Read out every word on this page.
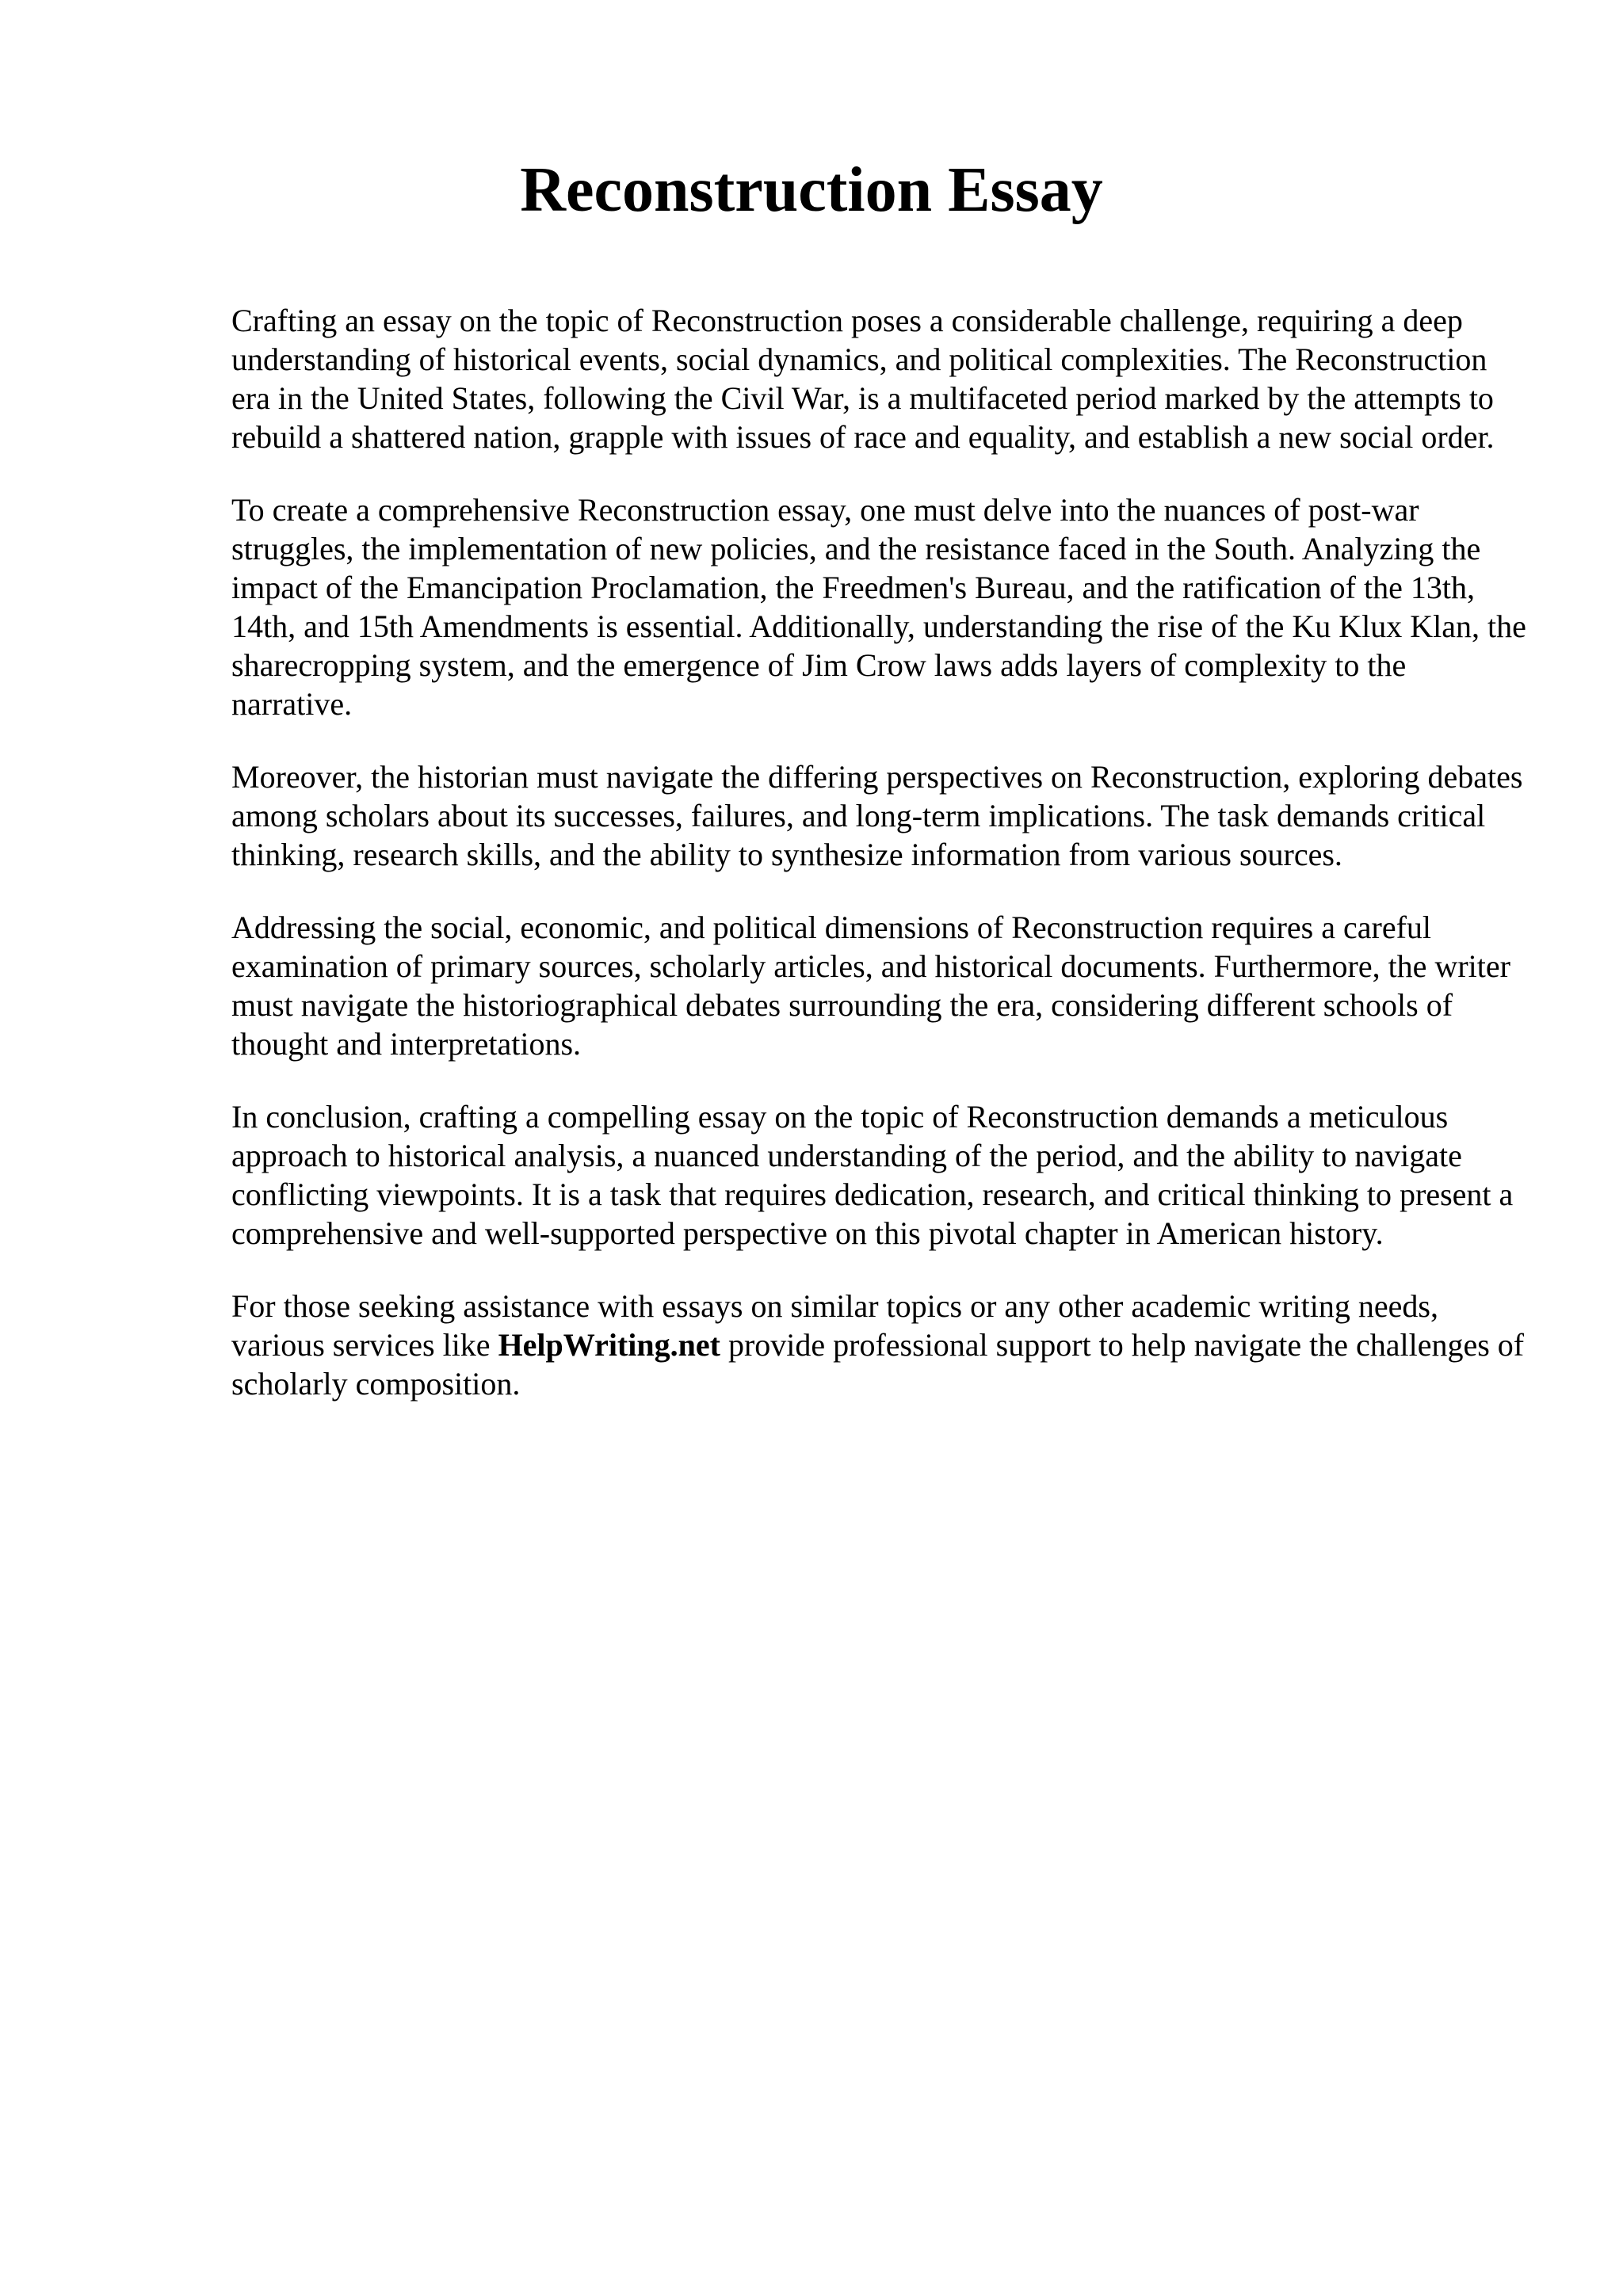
Reconstruction Essay

Crafting an essay on the topic of Reconstruction poses a considerable challenge, requiring a deep understanding of historical events, social dynamics, and political complexities. The Reconstruction era in the United States, following the Civil War, is a multifaceted period marked by the attempts to rebuild a shattered nation, grapple with issues of race and equality, and establish a new social order.

To create a comprehensive Reconstruction essay, one must delve into the nuances of post-war struggles, the implementation of new policies, and the resistance faced in the South. Analyzing the impact of the Emancipation Proclamation, the Freedmen's Bureau, and the ratification of the 13th, 14th, and 15th Amendments is essential. Additionally, understanding the rise of the Ku Klux Klan, the sharecropping system, and the emergence of Jim Crow laws adds layers of complexity to the narrative.

Moreover, the historian must navigate the differing perspectives on Reconstruction, exploring debates among scholars about its successes, failures, and long-term implications. The task demands critical thinking, research skills, and the ability to synthesize information from various sources.

Addressing the social, economic, and political dimensions of Reconstruction requires a careful examination of primary sources, scholarly articles, and historical documents. Furthermore, the writer must navigate the historiographical debates surrounding the era, considering different schools of thought and interpretations.

In conclusion, crafting a compelling essay on the topic of Reconstruction demands a meticulous approach to historical analysis, a nuanced understanding of the period, and the ability to navigate conflicting viewpoints. It is a task that requires dedication, research, and critical thinking to present a comprehensive and well-supported perspective on this pivotal chapter in American history.

For those seeking assistance with essays on similar topics or any other academic writing needs, various services like HelpWriting.net provide professional support to help navigate the challenges of scholarly composition.
